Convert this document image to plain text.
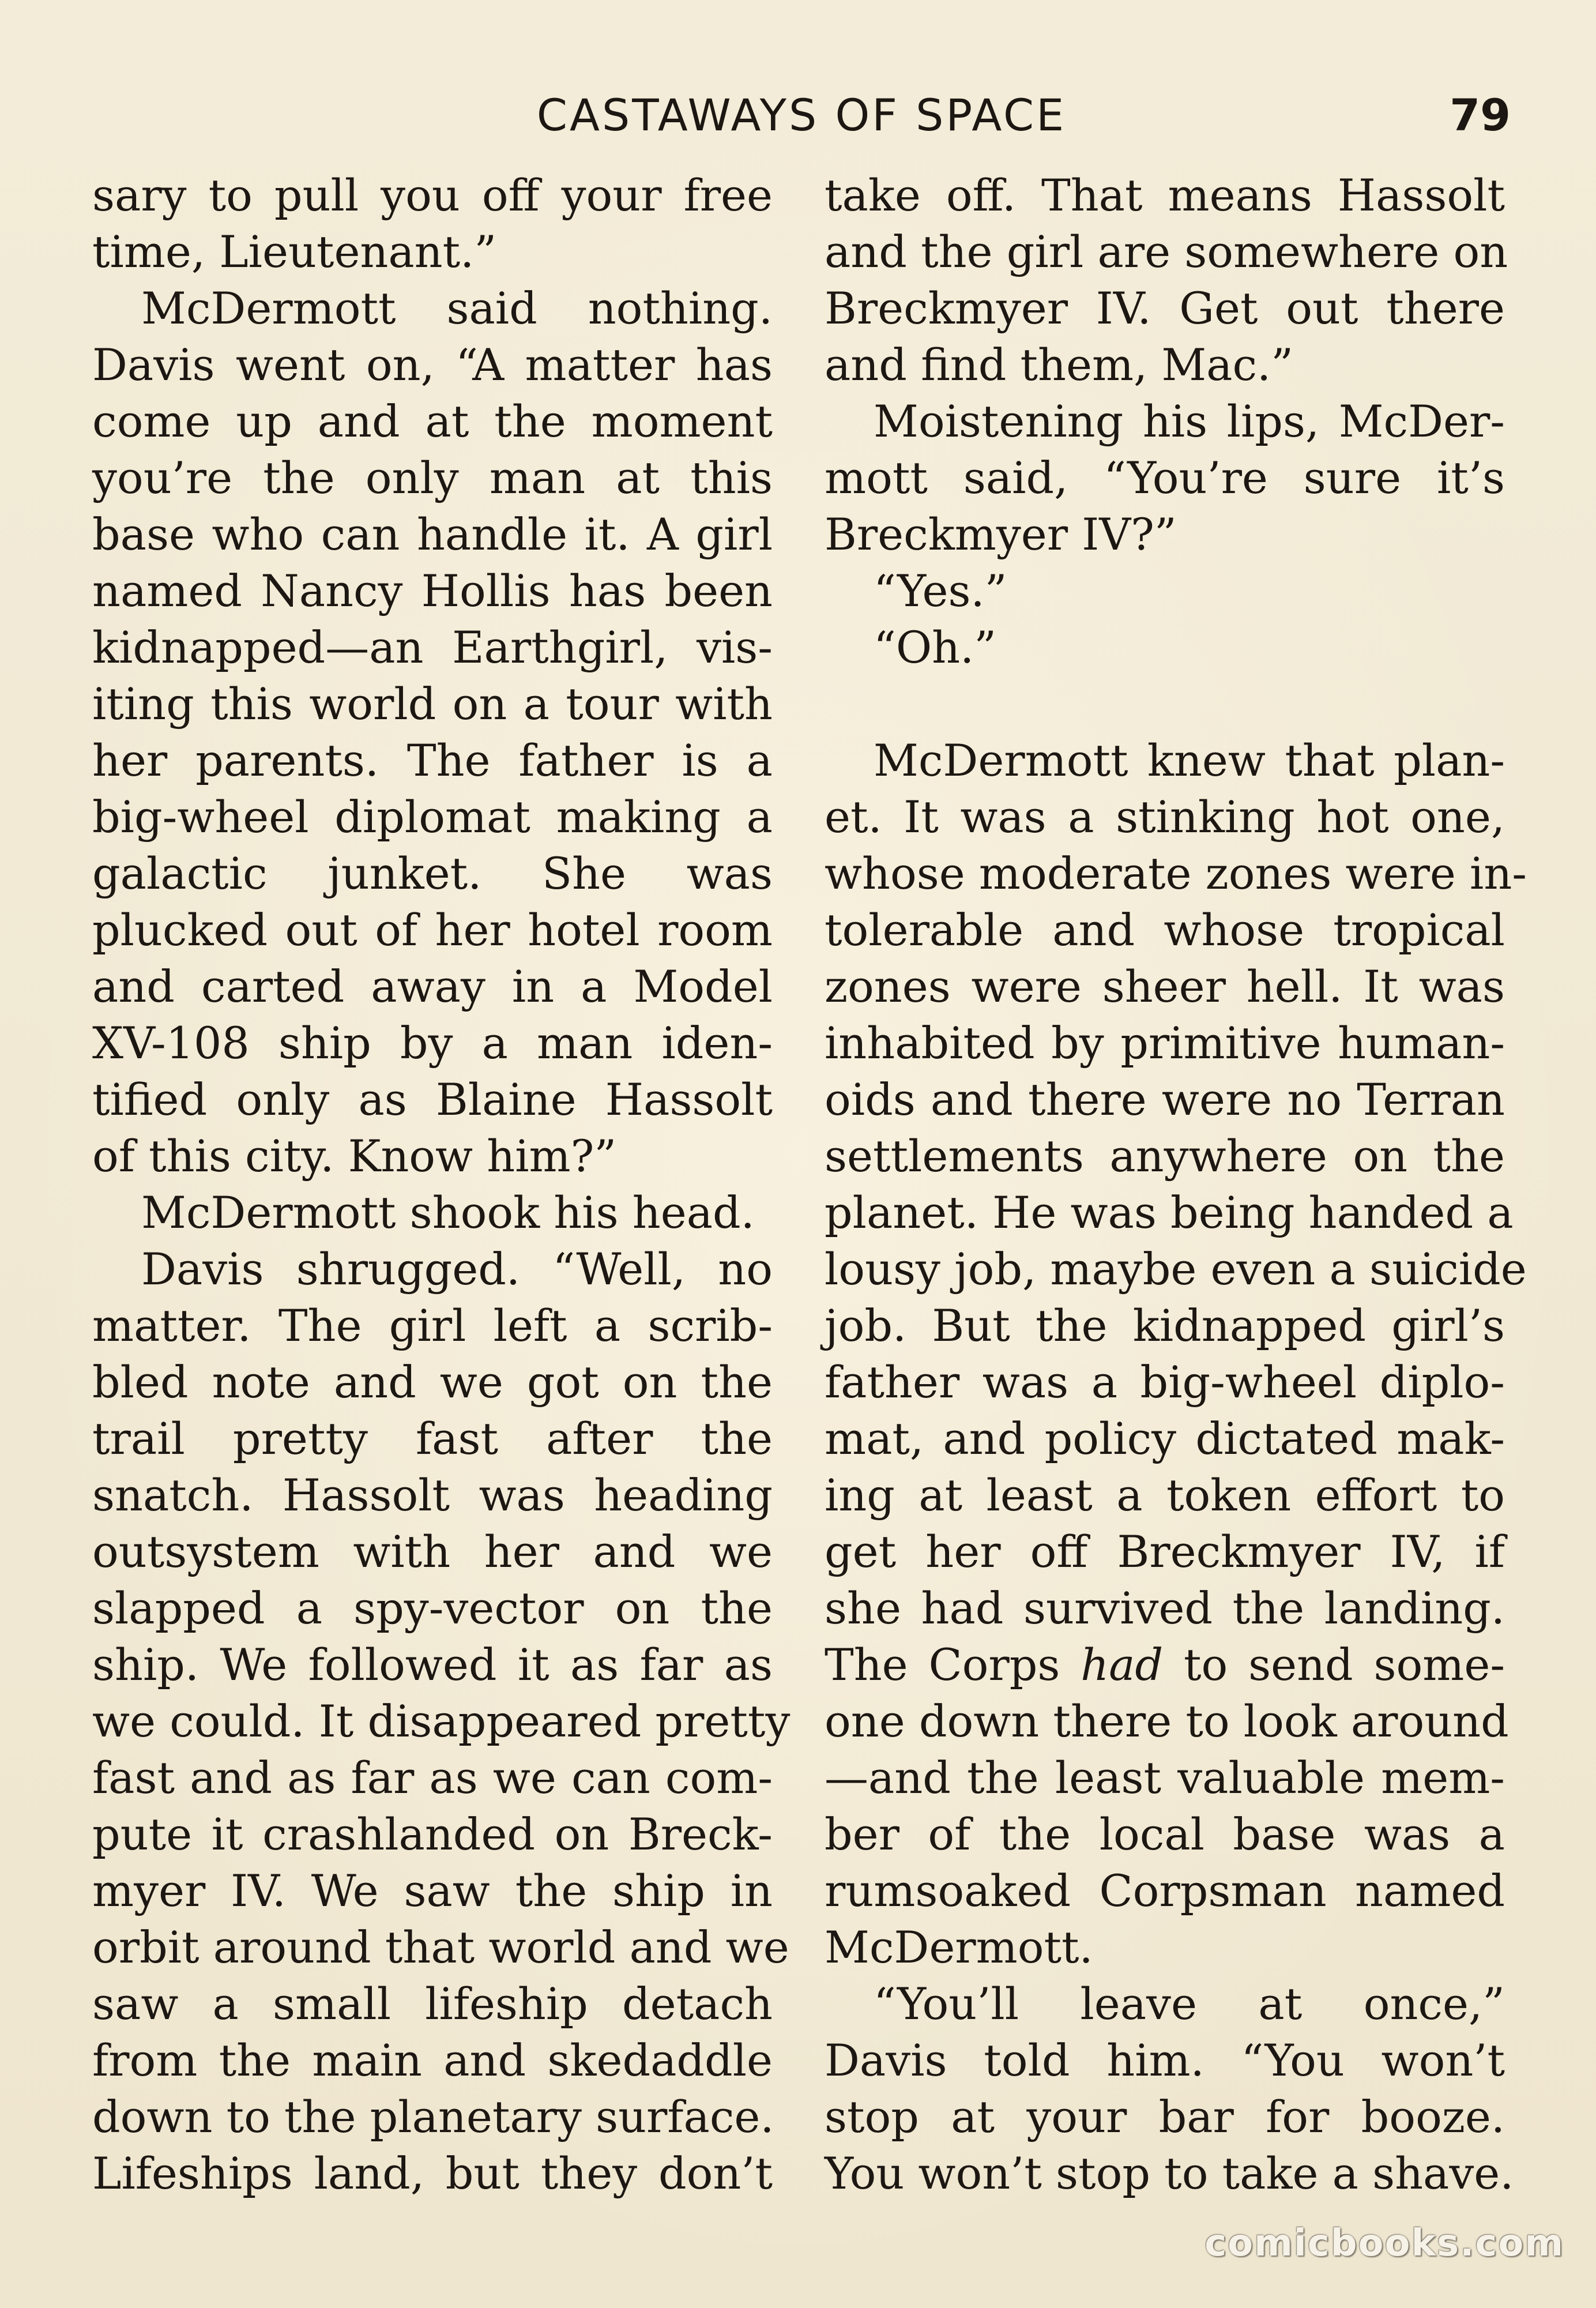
CASTAWAYS OF SPACE	79
sary to pull you off your free
time, Lieutenant.”
McDermott said nothing.
Davis went on, “A matter has
come up and at the moment
you’re the only man at this
base who can handle it. A girl
named Nancy Hollis has been
kidnapped—an Earthgirl, vis-
iting this world on a tour with
her parents. The father is a
big-wheel diplomat making a
galactic junket. She was
plucked out of her hotel room
and carted away in a Model
XV-108 ship by a man iden-
tified only as Blaine Hassolt
of this city. Know him?”
McDermott shook his head.
Davis shrugged. “Well, no
matter. The girl left a scrib-
bled note and we got on the
trail pretty fast after the
snatch. Hassolt was heading
outsystem with her and we
slapped a spy-vector on the
ship. We followed it as far as
we could. It disappeared pretty
fast and as far as we can com-
pute it crashlanded on Breck-
myer IV. We saw the ship in
orbit around that world and we
saw a small lifeship detach
from the main and skedaddle
down to the planetary surface.
Lifeships land, but they don’t
take off. That means Hassolt
and the girl are somewhere on
Breckmyer IV. Get out there
and find them, Mac.”
Moistening his lips, McDer-
mott said, “You’re sure it’s
Breckmyer IV?”
“Yes.”
“Oh.”
McDermott knew that plan-
et. It was a stinking hot one,
whose moderate zones were in-
tolerable and whose tropical
zones were sheer hell. It was
inhabited by primitive human-
oids and there were no Terran
settlements anywhere on the
planet. He was being handed a
lousy job, maybe even a suicide
job. But the kidnapped girl’s
father was a big-wheel diplo-
mat, and policy dictated mak-
ing at least a token effort to
get her off Breckmyer IV, if
she had survived the landing.
The Corps had to send some-
one down there to look around
—and the least valuable mem-
ber of the local base was a
rumsoaked Corpsman named
McDermott.
“You’ll leave at once,”
Davis told him. “You won’t
stop at your bar for booze.
You won’t stop to take a shave.
comicbooks.com
